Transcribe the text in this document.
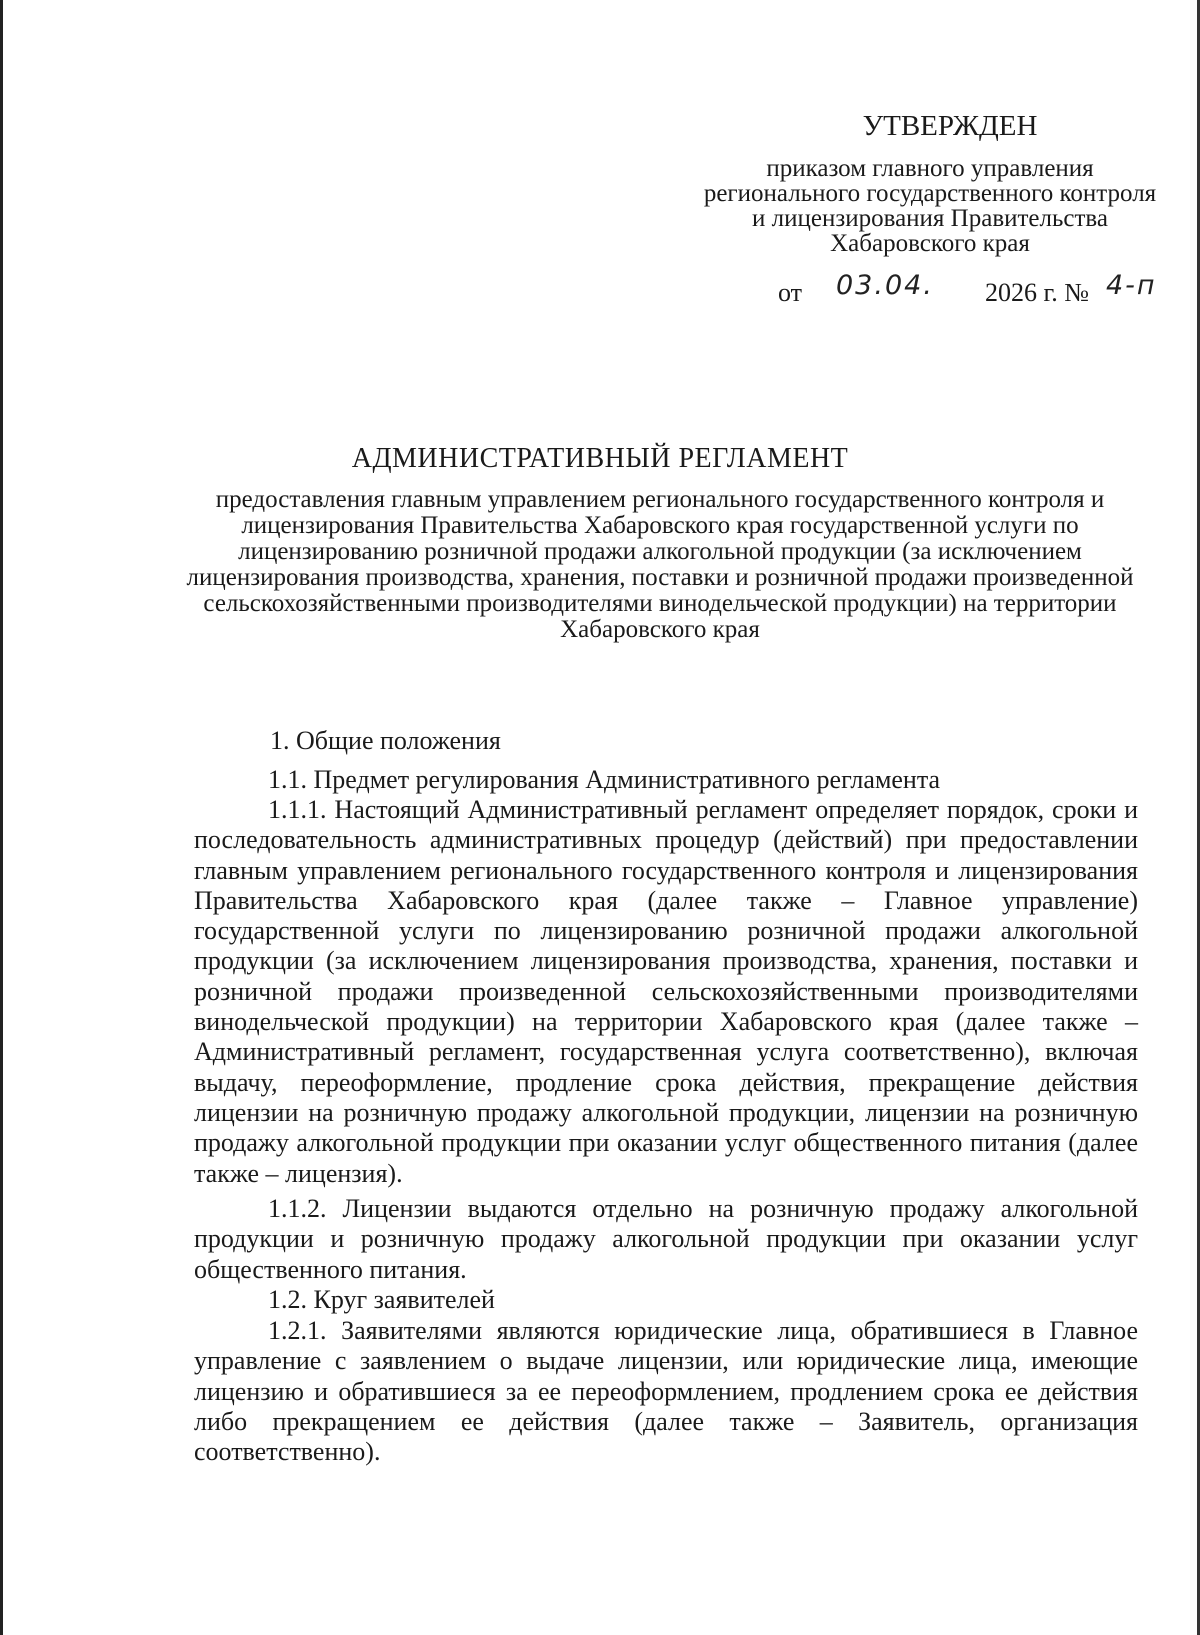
УТВЕРЖДЕН
приказом главного управления регионального государственного контроля и лицензирования Правительства Хабаровского края
от 03.04. 2026 г. № 4-п
АДМИНИСТРАТИВНЫЙ РЕГЛАМЕНТ
предоставления главным управлением регионального государственного контроля и лицензирования Правительства Хабаровского края государственной услуги по лицензированию розничной продажи алкогольной продукции (за исключением лицензирования производства, хранения, поставки и розничной продажи произведенной сельскохозяйственными производителями винодельческой продукции) на территории Хабаровского края
1. Общие положения
1.1. Предмет регулирования Административного регламента
1.1.1. Настоящий Административный регламент определяет порядок, сроки и последовательность административных процедур (действий) при предоставлении главным управлением регионального государственного контроля и лицензирования Правительства Хабаровского края (далее также – Главное управление) государственной услуги по лицензированию розничной продажи алкогольной продукции (за исключением лицензирования производства, хранения, поставки и розничной продажи произведенной сельскохозяйственными производителями винодельческой продукции) на территории Хабаровского края (далее также – Административный регламент, государственная услуга соответственно), включая выдачу, переоформление, продление срока действия, прекращение действия лицензии на розничную продажу алкогольной продукции, лицензии на розничную продажу алкогольной продукции при оказании услуг общественного питания (далее также – лицензия).
1.1.2. Лицензии выдаются отдельно на розничную продажу алкогольной продукции и розничную продажу алкогольной продукции при оказании услуг общественного питания.
1.2. Круг заявителей
1.2.1. Заявителями являются юридические лица, обратившиеся в Главное управление с заявлением о выдаче лицензии, или юридические лица, имеющие лицензию и обратившиеся за ее переоформлением, продлением срока ее действия либо прекращением ее действия (далее также – Заявитель, организация соответственно).
